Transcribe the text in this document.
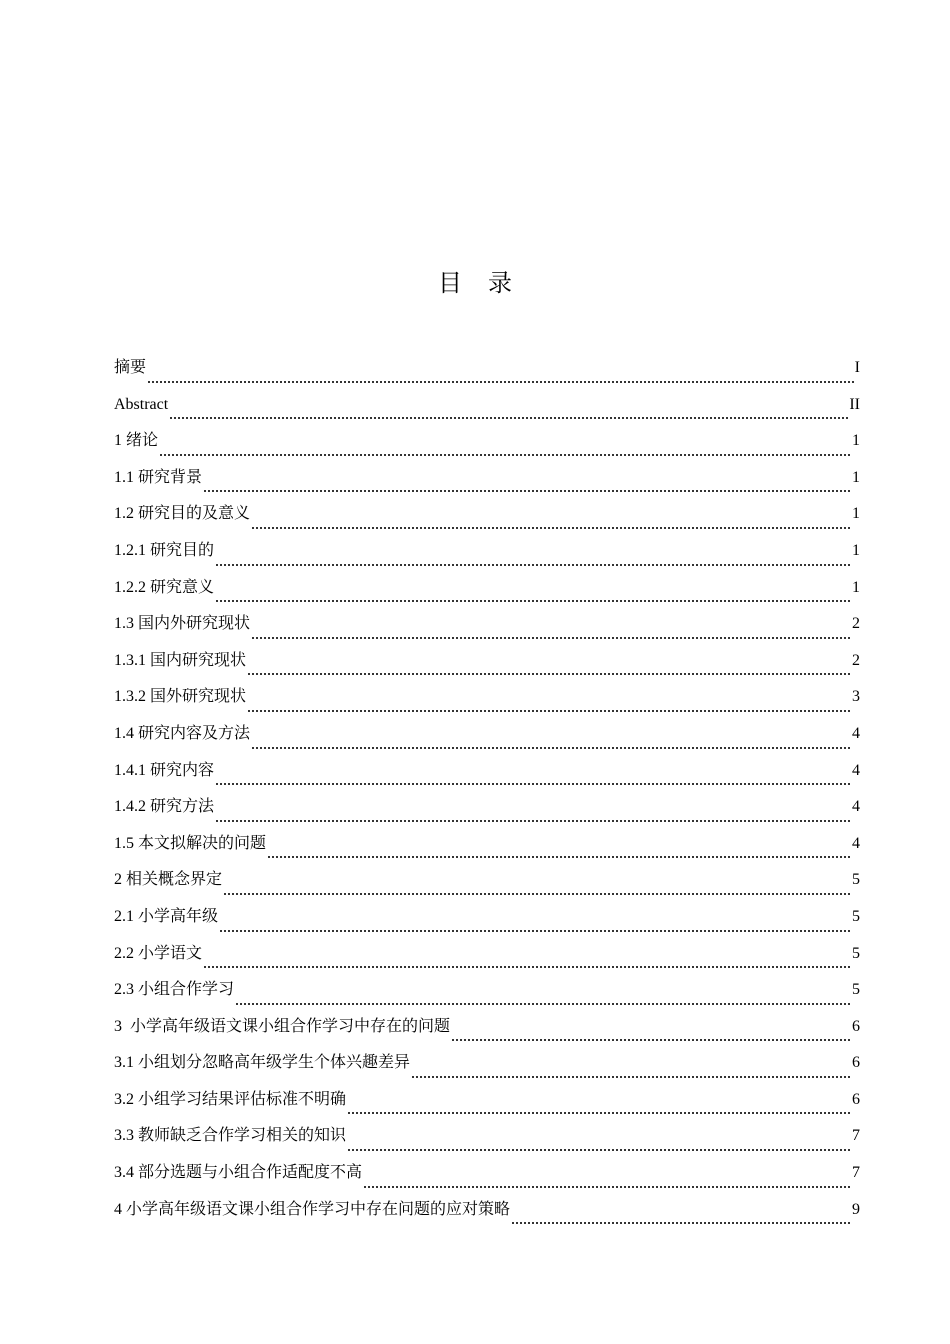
目 录
摘要	I
Abstract	II
1 绪论	1
1.1 研究背景	1
1.2 研究目的及意义	1
1.2.1 研究目的	1
1.2.2 研究意义	1
1.3 国内外研究现状	2
1.3.1 国内研究现状	2
1.3.2 国外研究现状	3
1.4 研究内容及方法	4
1.4.1 研究内容	4
1.4.2 研究方法	4
1.5 本文拟解决的问题	4
2 相关概念界定	5
2.1 小学高年级	5
2.2 小学语文	5
2.3 小组合作学习	5
3  小学高年级语文课小组合作学习中存在的问题	6
3.1 小组划分忽略高年级学生个体兴趣差异	6
3.2 小组学习结果评估标准不明确	6
3.3 教师缺乏合作学习相关的知识	7
3.4 部分选题与小组合作适配度不高	7
4 小学高年级语文课小组合作学习中存在问题的应对策略	9
